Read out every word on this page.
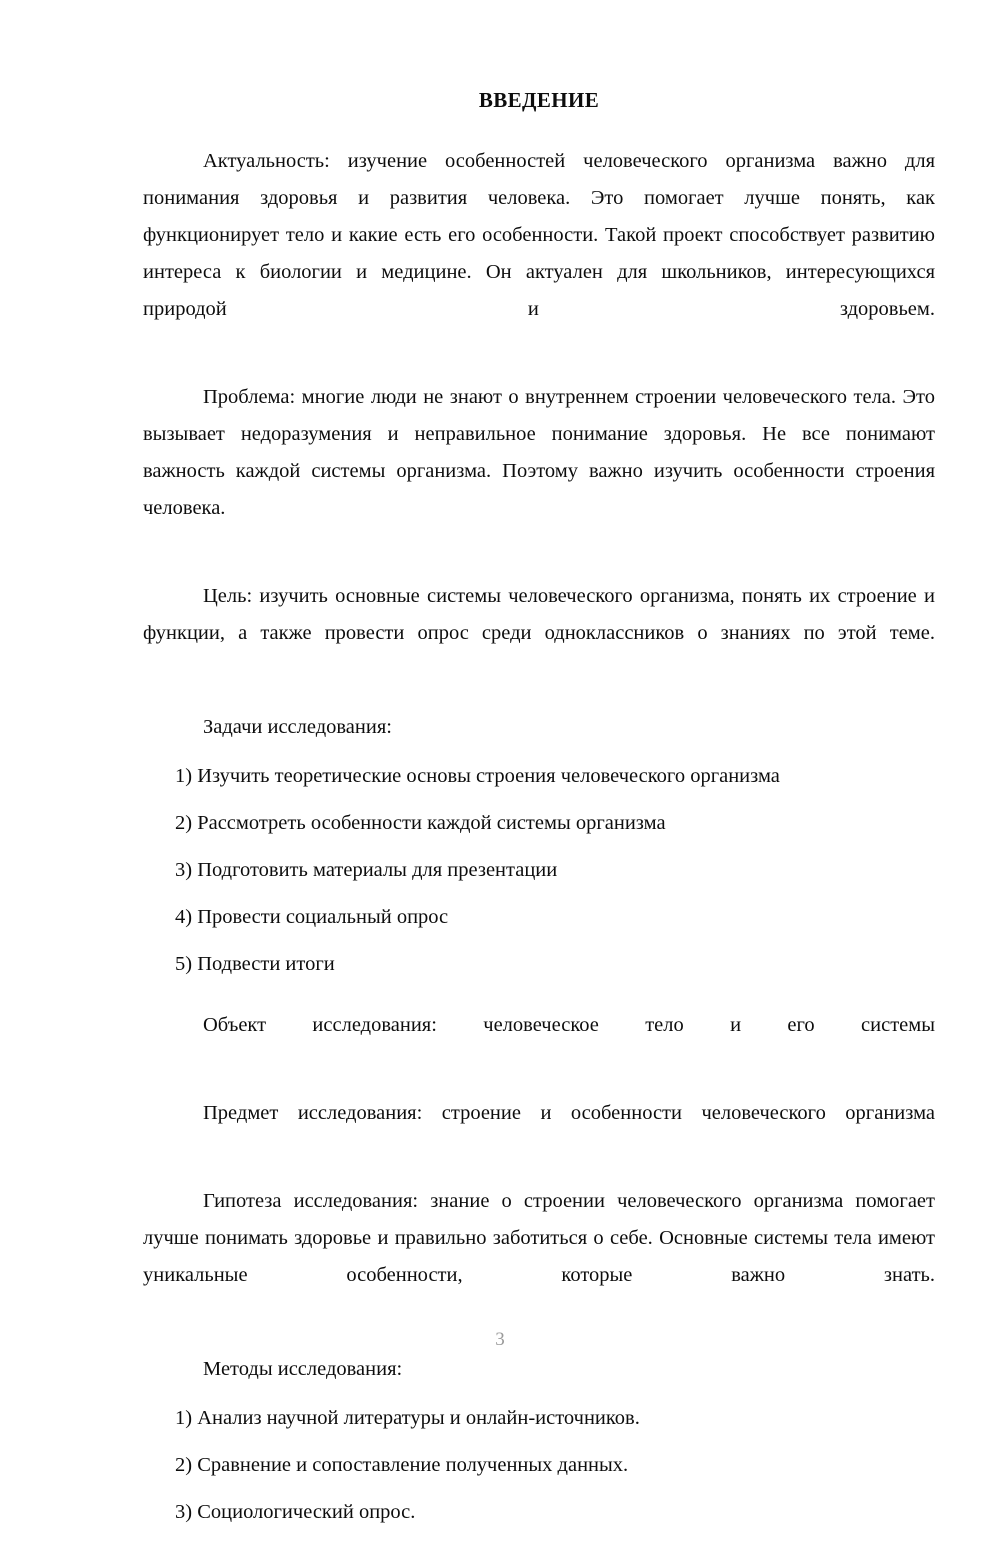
ВВЕДЕНИЕ

Актуальность: изучение особенностей человеческого организма важно для понимания здоровья и развития человека. Это помогает лучше понять, как функционирует тело и какие есть его особенности. Такой проект способствует развитию интереса к биологии и медицине. Он актуален для школьников, интересующихся природой и здоровьем.

Проблема: многие люди не знают о внутреннем строении человеческого тела. Это вызывает недоразумения и неправильное понимание здоровья. Не все понимают важность каждой системы организма. Поэтому важно изучить особенности строения человека.

Цель: изучить основные системы человеческого организма, понять их строение и функции, а также провести опрос среди одноклассников о знаниях по этой теме.

Задачи исследования:

1) Изучить теоретические основы строения человеческого организма
2) Рассмотреть особенности каждой системы организма
3) Подготовить материалы для презентации
4) Провести социальный опрос
5) Подвести итоги

Объект исследования: человеческое тело и его системы

Предмет исследования: строение и особенности человеческого организма

Гипотеза исследования: знание о строении человеческого организма помогает лучше понимать здоровье и правильно заботиться о себе. Основные системы тела имеют уникальные особенности, которые важно знать.

Методы исследования:

1) Анализ научной литературы и онлайн-источников.
2) Сравнение и сопоставление полученных данных.
3) Социологический опрос.
3
